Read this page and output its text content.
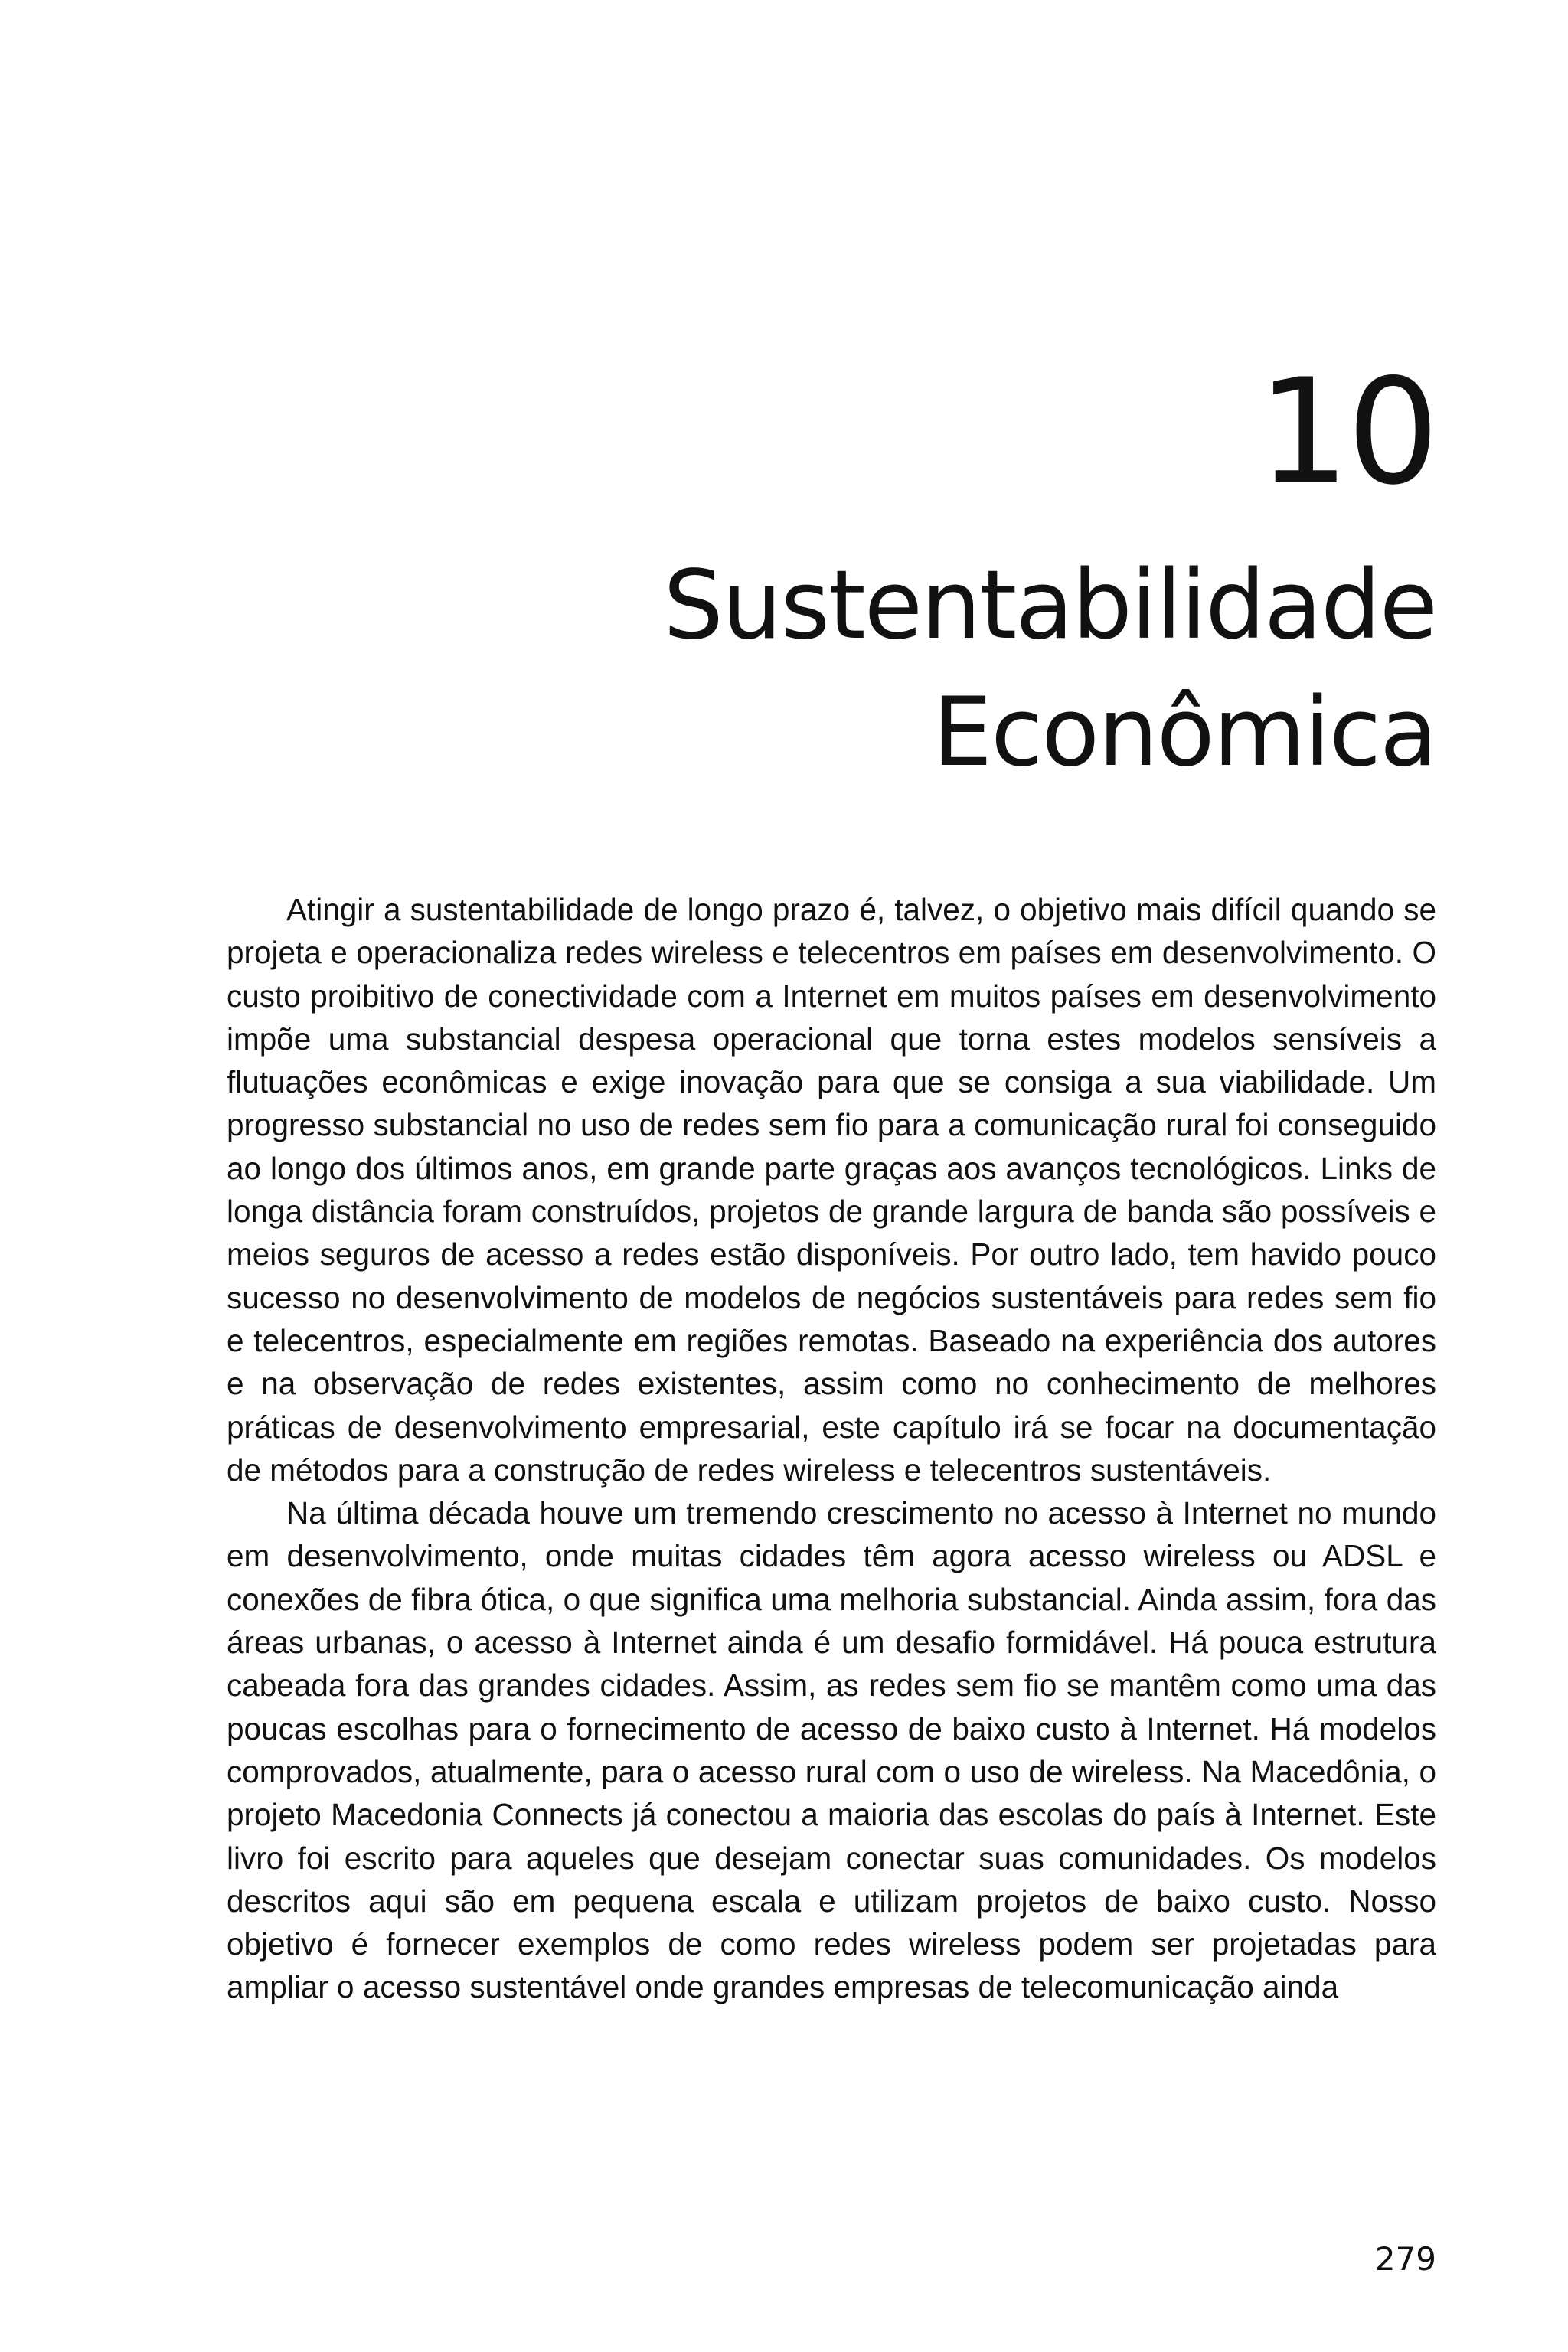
10
Sustentabilidade
Econômica

Atingir a sustentabilidade de longo prazo é, talvez, o objetivo mais difícil quando se projeta e operacionaliza redes wireless e telecentros em países em desenvolvimento. O custo proibitivo de conectividade com a Internet em muitos países em desenvolvimento impõe uma substancial despesa operacional que torna estes modelos sensíveis a flutuações econômicas e exige inovação para que se consiga a sua viabilidade. Um progresso substancial no uso de redes sem fio para a comunicação rural foi conseguido ao longo dos últimos anos, em grande parte graças aos avanços tecnológicos. Links de longa distância foram construídos, projetos de grande largura de banda são possíveis e meios seguros de acesso a redes estão disponíveis. Por outro lado, tem havido pouco sucesso no desenvolvimento de modelos de negócios sustentáveis para redes sem fio e telecentros, especialmente em regiões remotas. Baseado na experiência dos autores e na observação de redes existentes, assim como no conhecimento de melhores práticas de desenvolvimento empresarial, este capítulo irá se focar na documentação de métodos para a construção de redes wireless e telecentros sustentáveis.

Na última década houve um tremendo crescimento no acesso à Internet no mundo em desenvolvimento, onde muitas cidades têm agora acesso wireless ou ADSL e conexões de fibra ótica, o que significa uma melhoria substancial. Ainda assim, fora das áreas urbanas, o acesso à Internet ainda é um desafio formidável. Há pouca estrutura cabeada fora das grandes cidades. Assim, as redes sem fio se mantêm como uma das poucas escolhas para o fornecimento de acesso de baixo custo à Internet. Há modelos comprovados, atualmente, para o acesso rural com o uso de wireless. Na Macedônia, o projeto Macedonia Connects já conectou a maioria das escolas do país à Internet. Este livro foi escrito para aqueles que desejam conectar suas comunidades. Os modelos descritos aqui são em pequena escala e utilizam projetos de baixo custo. Nosso objetivo é fornecer exemplos de como redes wireless podem ser projetadas para ampliar o acesso sustentável onde grandes empresas de telecomunicação ainda

279
